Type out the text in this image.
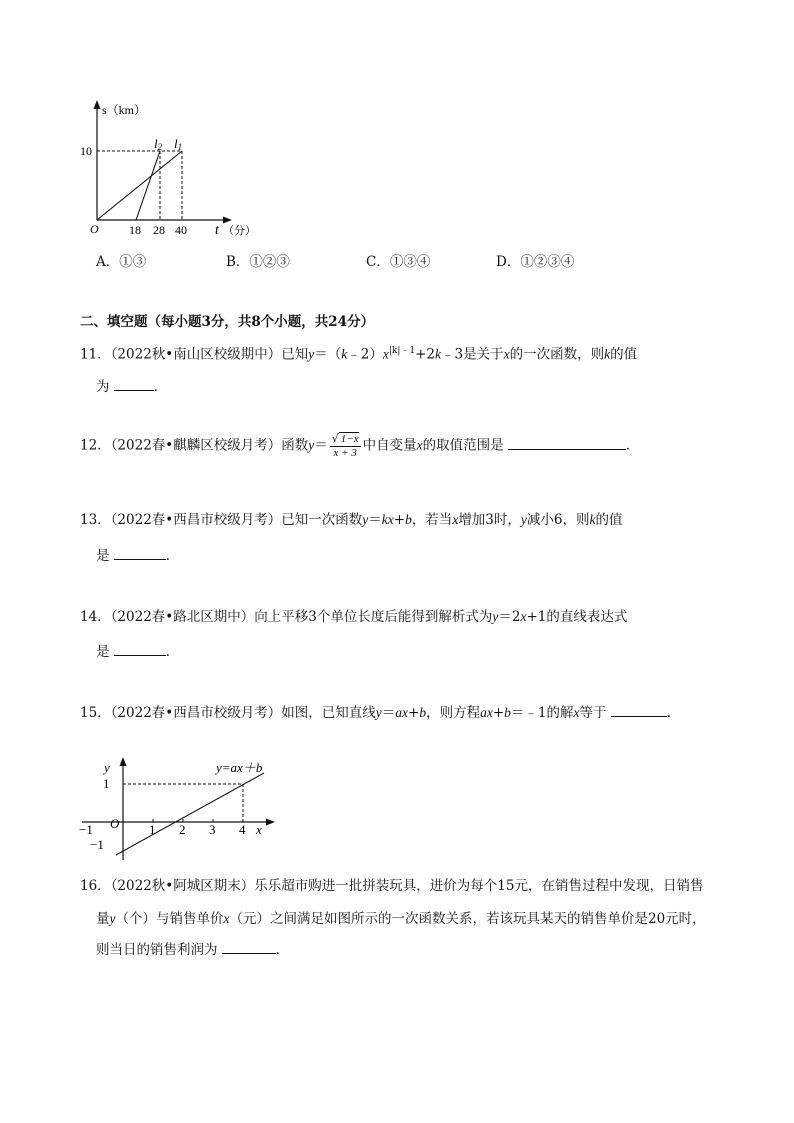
s（km）
10
O	18 28 40 t （分）
l2 l1
A．①③	B．①②③	C．①③④	D．①②③④
二、填空题（每小题3分，共8个小题，共24分）
11．（2022秋•南山区校级期中）已知$y=(k﹣2)x^{|k|﹣1}+2k﹣3$是关于x的一次函数，则k的值
为	．
12．（2022春•麒麟区校级月考）函数$y= \frac{√ 1-x}{x + 3}$ 中自变量x的取值范围是	．
13．（2022春•西昌市校级月考）已知一次函数y＝kx+b，若当x增加3时，y减小6，则k的值
是	．
14．（2022春•路北区期中）向上平移3个单位长度后能得到解析式为y＝2x+1的直线表达式
是	．
15．（2022春•西昌市校级月考）如图，已知直线y＝ax+b，则方程ax+b＝﹣1的解x等于	．
y	y=ax＋b
1
−1 O 1 2 3 4 x
−1
16．（2022秋•阿城区期末）乐乐超市购进一批拼装玩具，进价为每个15元，在销售过程中发现，日销售
量y（个）与销售单价x（元）之间满足如图所示的一次函数关系，若该玩具某天的销售单价是20元时，
则当日的销售利润为	．
